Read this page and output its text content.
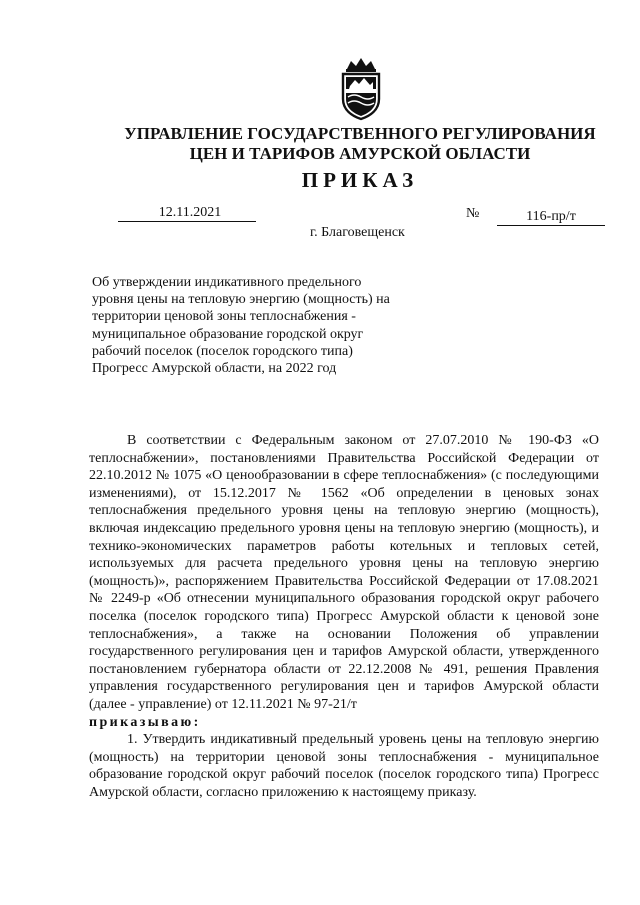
УПРАВЛЕНИЕ ГОСУДАРСТВЕННОГО РЕГУЛИРОВАНИЯ
ЦЕН И ТАРИФОВ АМУРСКОЙ ОБЛАСТИ
ПРИКАЗ
12.11.2021	№	116-пр/т
г. Благовещенск
Об утверждении индикативного предельного уровня цены на тепловую энергию (мощность) на территории ценовой зоны теплоснабжения - муниципальное образование городской округ рабочий поселок (поселок городского типа) Прогресс Амурской области, на 2022 год

В соответствии с Федеральным законом от 27.07.2010 № 190-ФЗ «О теплоснабжении», постановлениями Правительства Российской Федерации от 22.10.2012 № 1075 «О ценообразовании в сфере теплоснабжения» (с последующими изменениями), от 15.12.2017 № 1562 «Об определении в ценовых зонах теплоснабжения предельного уровня цены на тепловую энергию (мощность), включая индексацию предельного уровня цены на тепловую энергию (мощность), и технико-экономических параметров работы котельных и тепловых сетей, используемых для расчета предельного уровня цены на тепловую энергию (мощность)», распоряжением Правительства Российской Федерации от 17.08.2021 № 2249-р «Об отнесении муниципального образования городской округ рабочего поселка (поселок городского типа) Прогресс Амурской области к ценовой зоне теплоснабжения», а также на основании Положения об управлении государственного регулирования цен и тарифов Амурской области, утвержденного постановлением губернатора области от 22.12.2008 № 491, решения Правления управления государственного регулирования цен и тарифов Амурской области (далее - управление) от 12.11.2021 № 97-21/т

приказываю:

1. Утвердить индикативный предельный уровень цены на тепловую энергию (мощность) на территории ценовой зоны теплоснабжения - муниципальное образование городской округ рабочий поселок (поселок городского типа) Прогресс Амурской области, согласно приложению к настоящему приказу.
